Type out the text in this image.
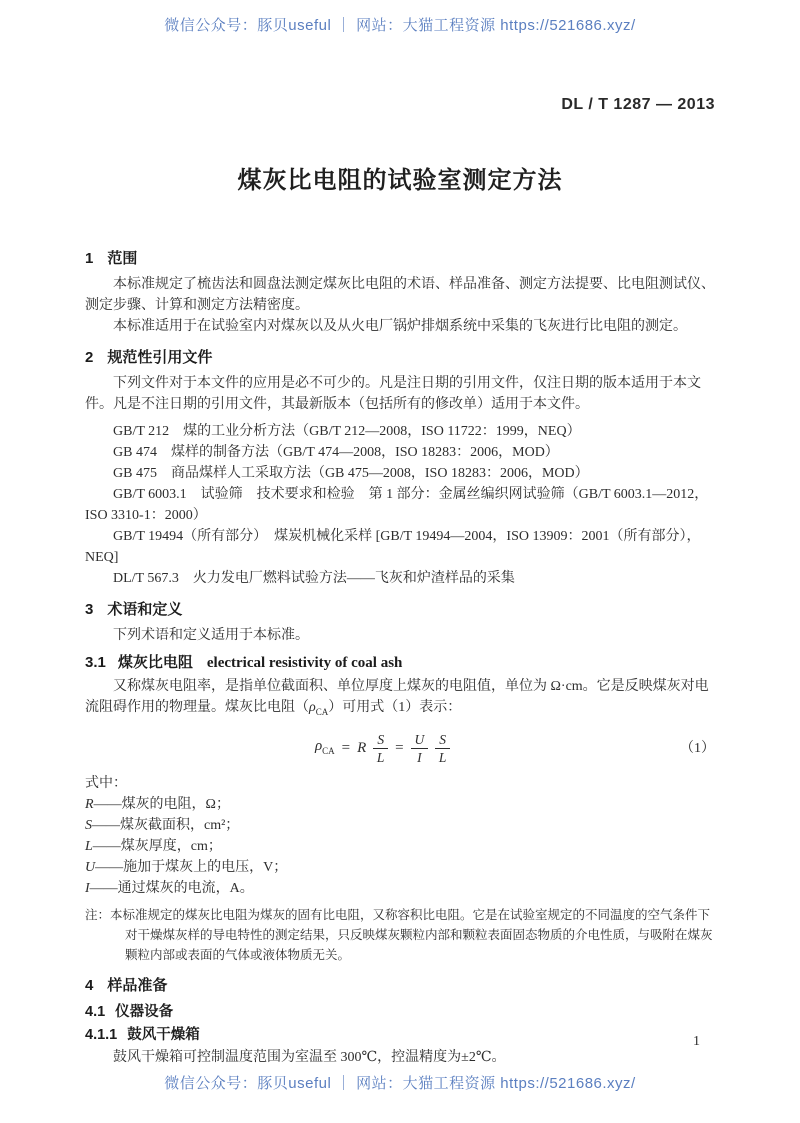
微信公众号：豚贝useful ｜ 网站：大猫工程资源 https://521686.xyz/
DL / T 1287 — 2013
煤灰比电阻的试验室测定方法
1 范围

本标准规定了梳齿法和圆盘法测定煤灰比电阻的术语、样品准备、测定方法提要、比电阻测试仪、测定步骤、计算和测定方法精密度。

本标准适用于在试验室内对煤灰以及从火电厂锅炉排烟系统中采集的飞灰进行比电阻的测定。

2 规范性引用文件

下列文件对于本文件的应用是必不可少的。凡是注日期的引用文件，仅注日期的版本适用于本文件。凡是不注日期的引用文件，其最新版本（包括所有的修改单）适用于本文件。

GB/T 212　煤的工业分析方法（GB/T 212—2008，ISO 11722：1999，NEQ）

GB 474　煤样的制备方法（GB/T 474—2008，ISO 18283：2006，MOD）

GB 475　商品煤样人工采取方法（GB 475—2008，ISO 18283：2006，MOD）

GB/T 6003.1　试验筛　技术要求和检验　第 1 部分：金属丝编织网试验筛（GB/T 6003.1—2012，ISO 3310-1：2000）

GB/T 19494（所有部分）　煤炭机械化采样 [GB/T 19494—2004，ISO 13909：2001（所有部分），NEQ]

DL/T 567.3　火力发电厂燃料试验方法——飞灰和炉渣样品的采集

3 术语和定义

下列术语和定义适用于本标准。

3.1 煤灰比电阻 electrical resistivity of coal ash

又称煤灰电阻率，是指单位截面积、单位厚度上煤灰的电阻值，单位为 Ω·cm。它是反映煤灰对电流阻碍作用的物理量。煤灰比电阻$(\rho_{CA})$可用式（1）表示：

$\rho_{CA} = R \frac{S}{L} = \frac{U}{I} \frac{S}{L}$	（1）

式中：

R——煤灰的电阻，Ω；

S——煤灰截面积，cm²；

L——煤灰厚度，cm；

U——施加于煤灰上的电压，V；

I——通过煤灰的电流，A。

注：本标准规定的煤灰比电阻为煤灰的固有比电阻，又称容积比电阻。它是在试验室规定的不同温度的空气条件下对干燥煤灰样的导电特性的测定结果，只反映煤灰颗粒内部和颗粒表面固态物质的介电性质，与吸附在煤灰颗粒内部或表面的气体或液体物质无关。

4 样品准备
4.1 仪器设备
4.1.1 鼓风干燥箱

鼓风干燥箱可控制温度范围为室温至 300℃，控温精度为±2℃。

1
微信公众号：豚贝useful ｜ 网站：大猫工程资源 https://521686.xyz/
